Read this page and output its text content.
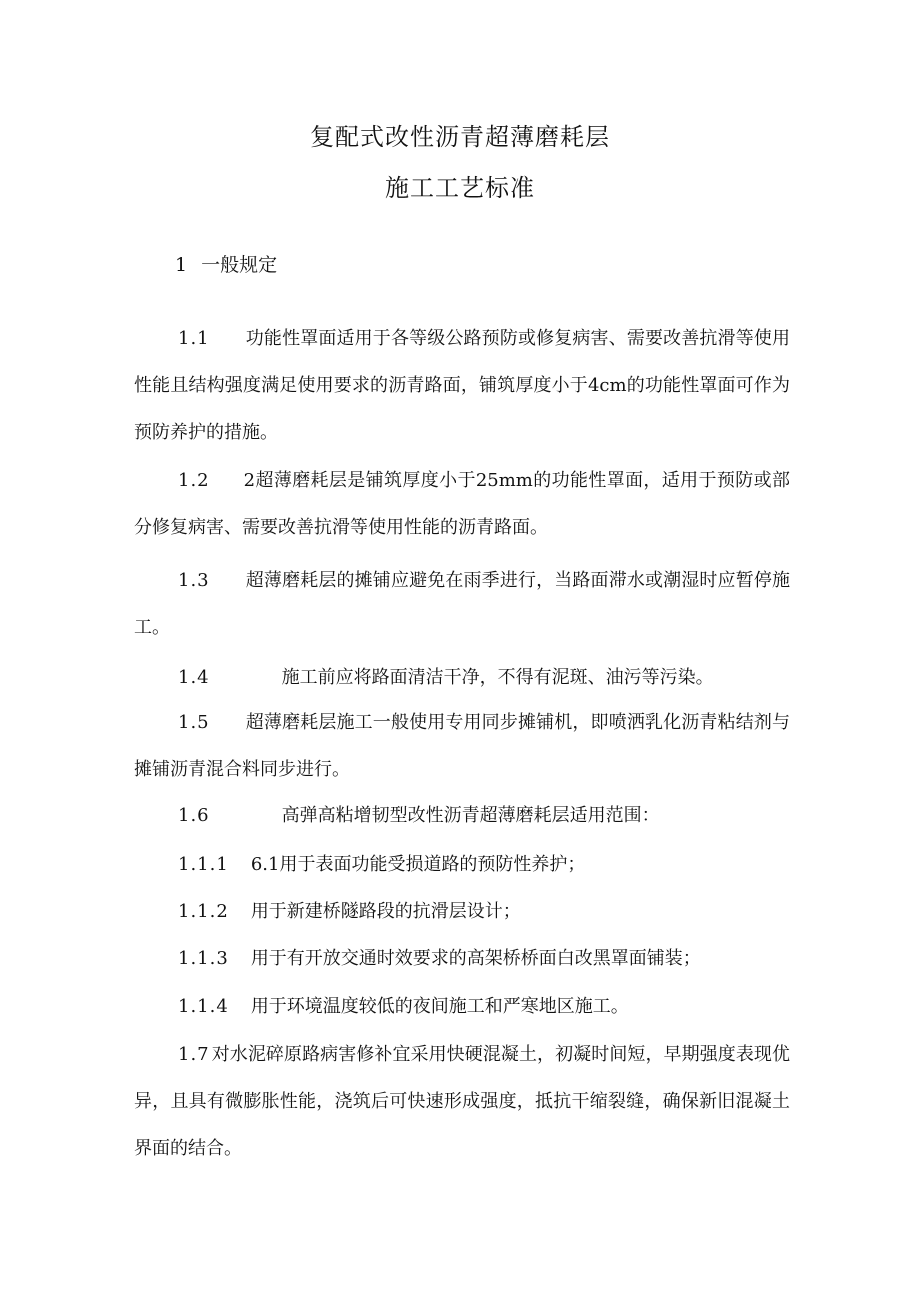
复配式改性沥青超薄磨耗层
施工工艺标准
1 一般规定
1.1 功能性罩面适用于各等级公路预防或修复病害、需要改善抗滑等使用性能且结构强度满足使用要求的沥青路面，铺筑厚度小于4cm的功能性罩面可作为预防养护的措施。
1.2 2超薄磨耗层是铺筑厚度小于25mm的功能性罩面，适用于预防或部分修复病害、需要改善抗滑等使用性能的沥青路面。
1.3 超薄磨耗层的摊铺应避免在雨季进行，当路面滞水或潮湿时应暂停施工。
1.4	施工前应将路面清洁干净，不得有泥斑、油污等污染。
1.5 超薄磨耗层施工一般使用专用同步摊铺机，即喷洒乳化沥青粘结剂与摊铺沥青混合料同步进行。
1.6	高弹高粘增韧型改性沥青超薄磨耗层适用范围：
1.1.1 6.1用于表面功能受损道路的预防性养护；
1.1.2 用于新建桥隧路段的抗滑层设计；
1.1.3 用于有开放交通时效要求的高架桥桥面白改黑罩面铺装；
1.1.4 用于环境温度较低的夜间施工和严寒地区施工。
1.7 对水泥碎原路病害修补宜采用快硬混凝土，初凝时间短，早期强度表现优异，且具有微膨胀性能，浇筑后可快速形成强度，抵抗干缩裂缝，确保新旧混凝土界面的结合。
